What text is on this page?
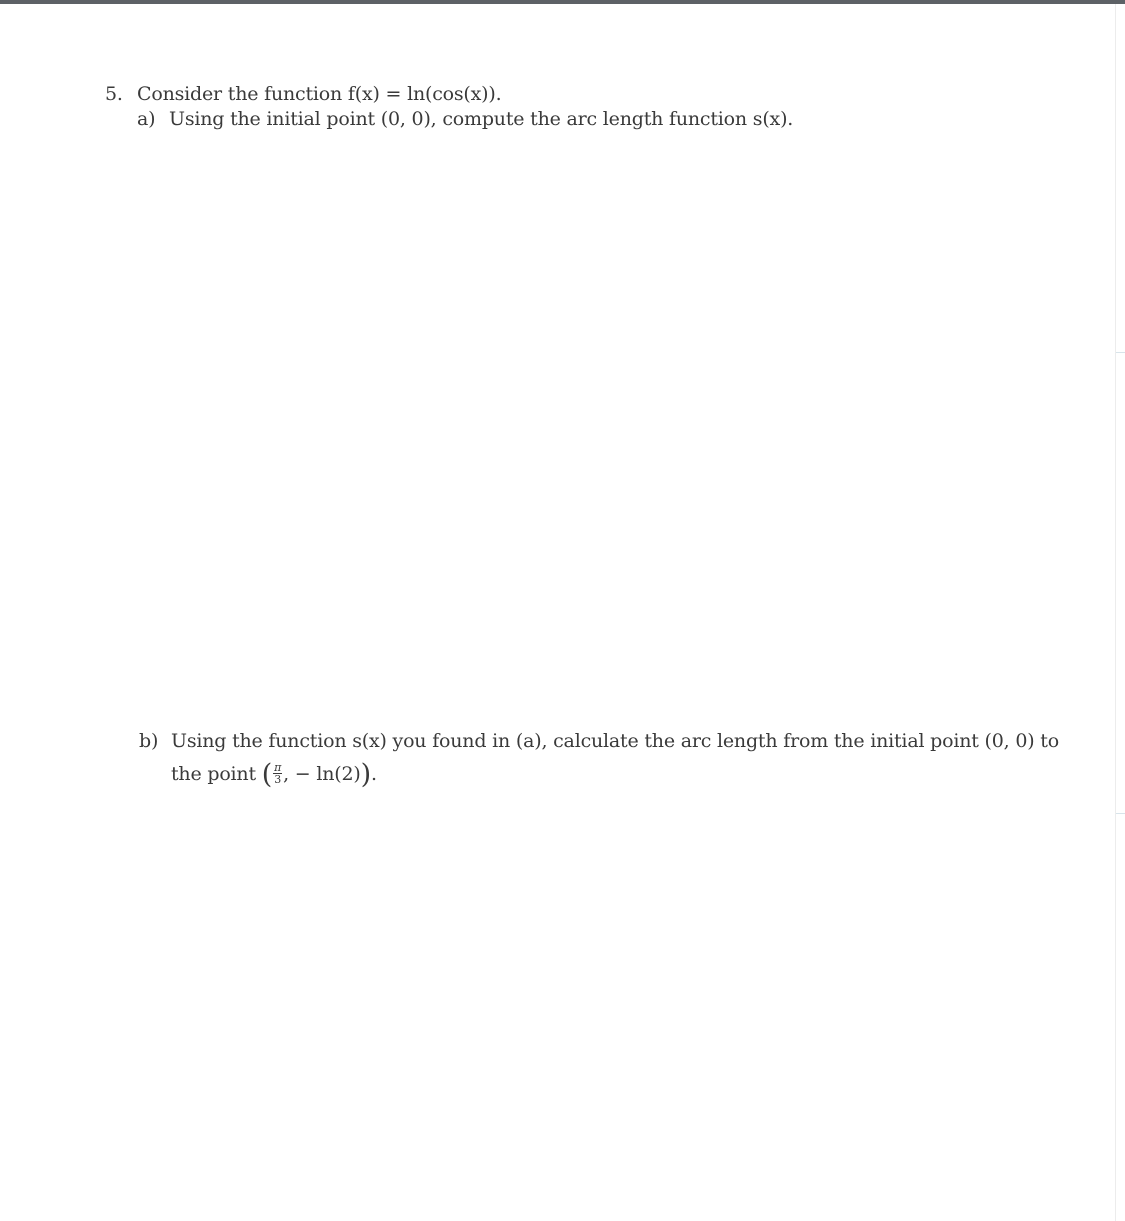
5. Consider the function f(x) = ln(cos(x)).
a) Using the initial point (0, 0), compute the arc length function s(x).
b) Using the function s(x) you found in (a), calculate the arc length from the initial point (0, 0) to
the point ( $\frac{\pi}{3}$ , − ln(2)).
